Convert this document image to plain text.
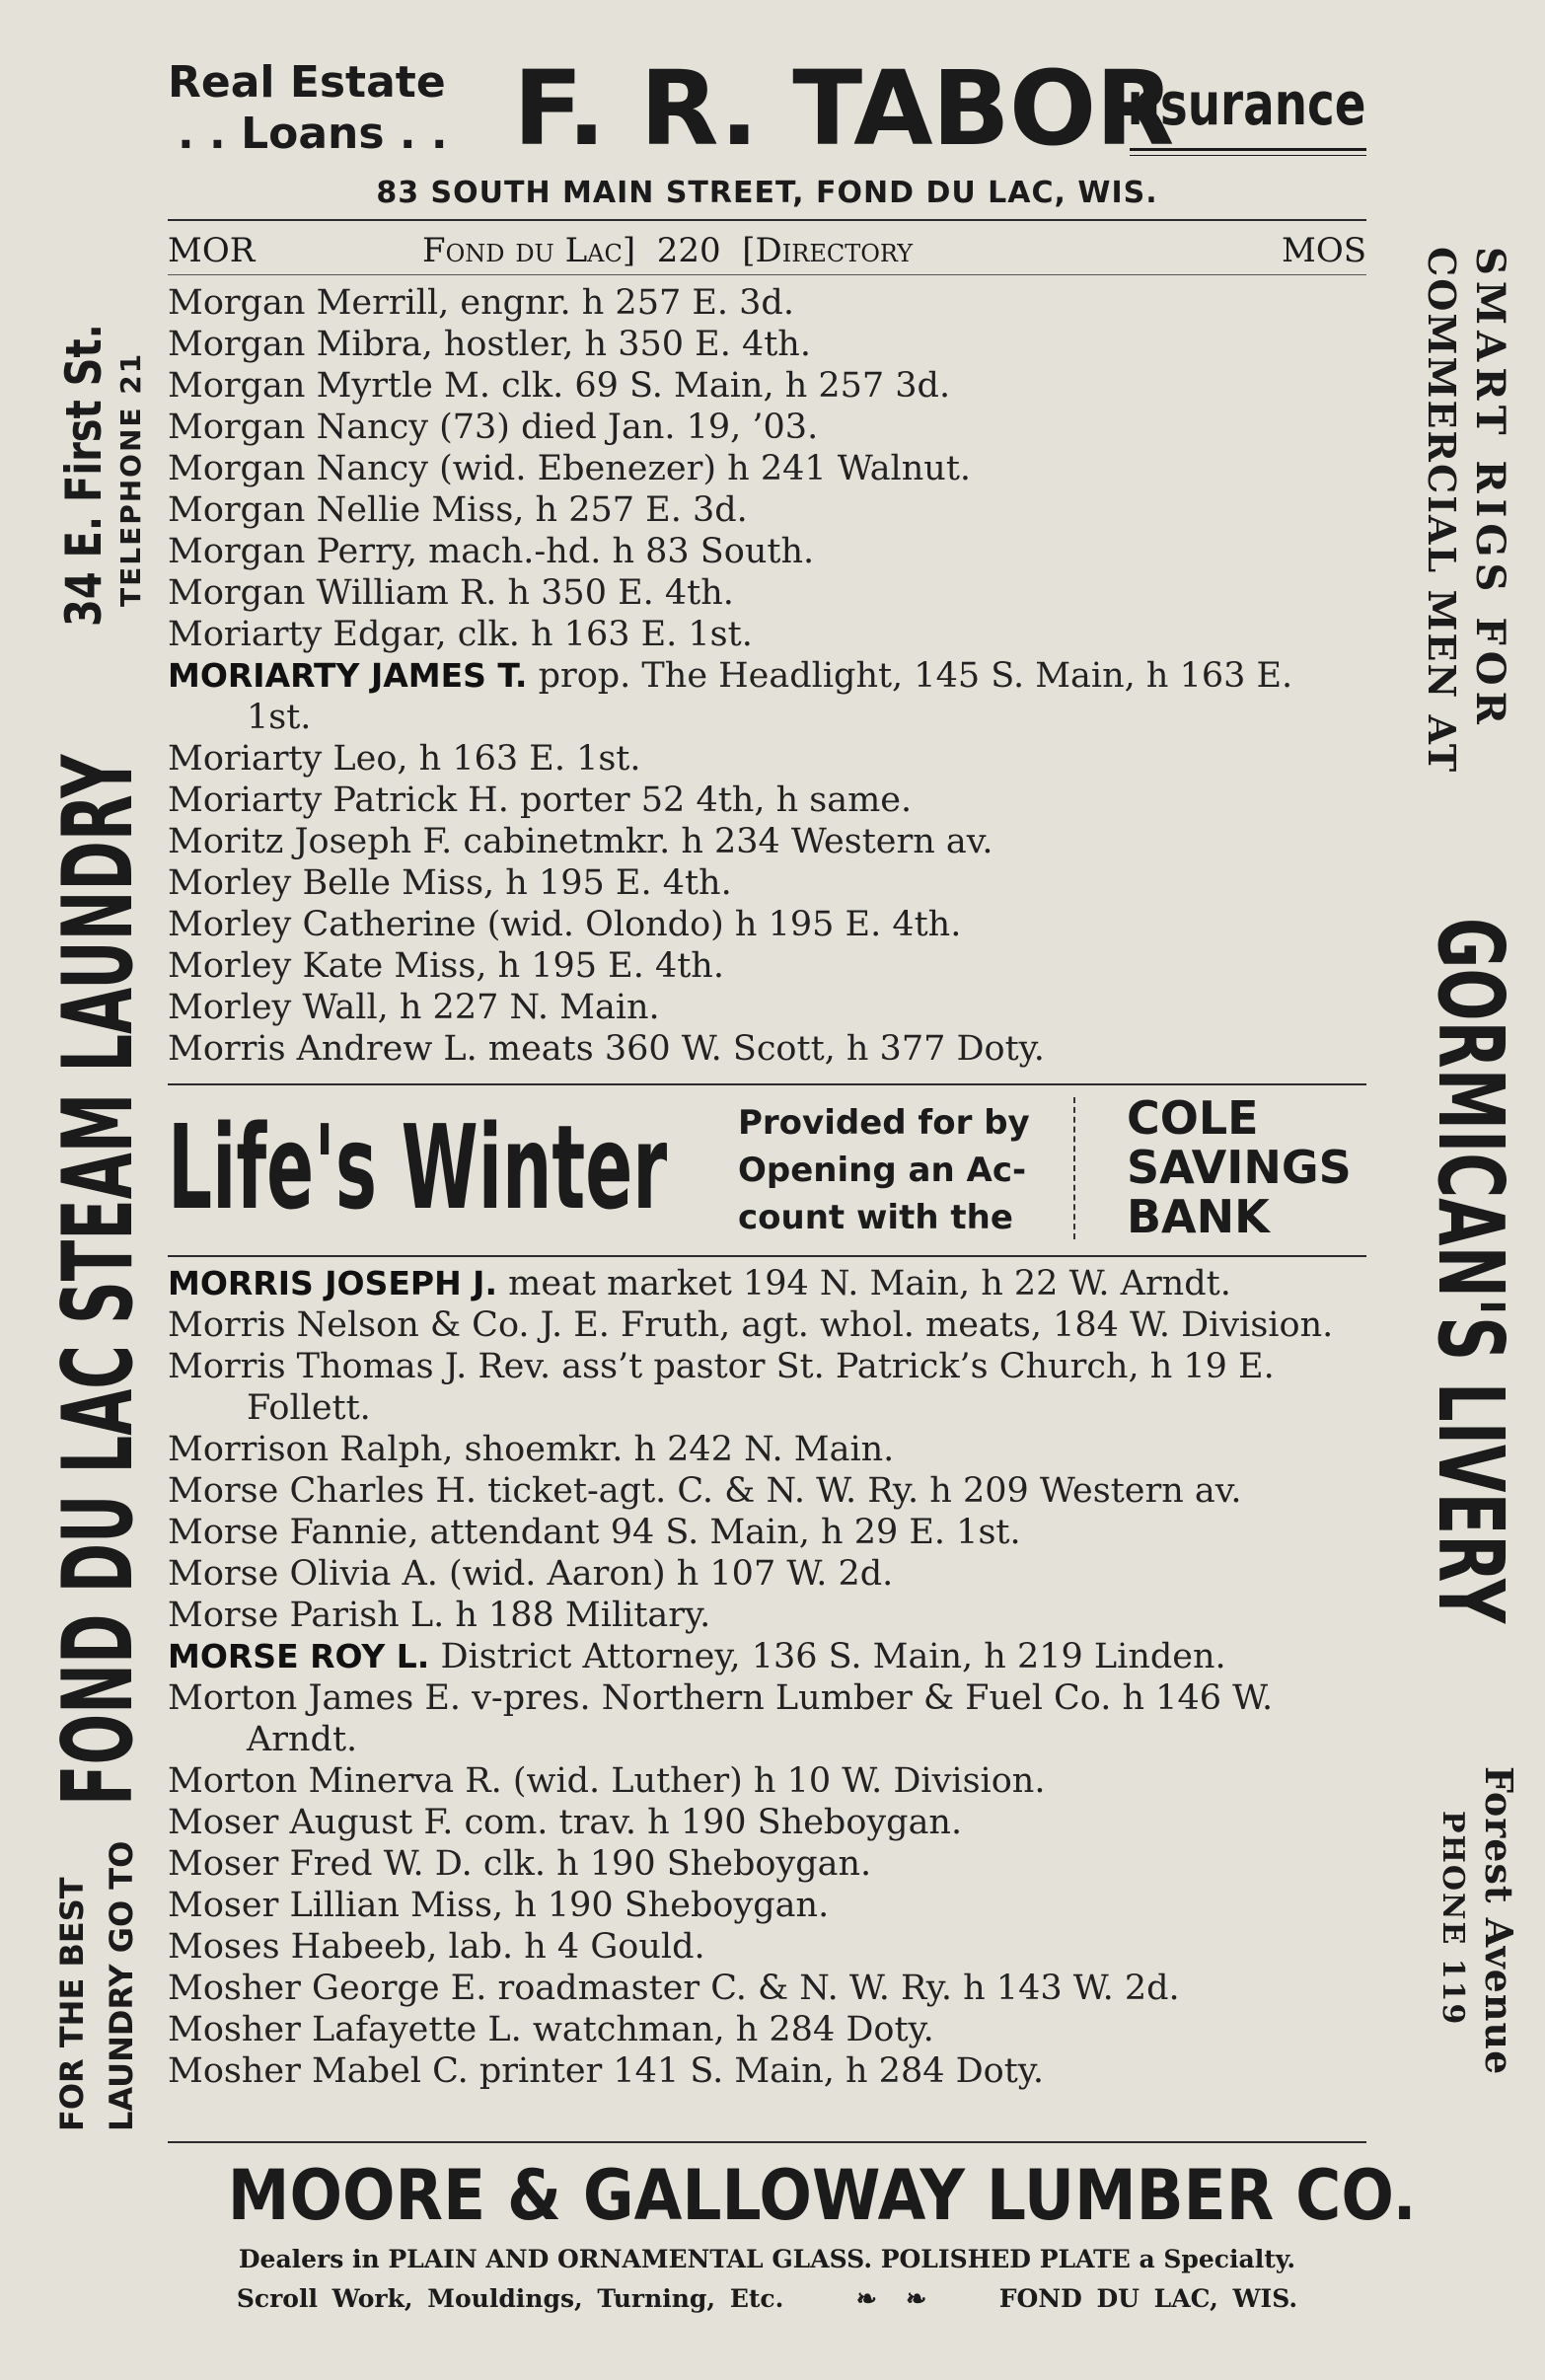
Real Estate
. . Loans . . F. R. TABOR
Insurance
83 SOUTH MAIN STREET, FOND DU LAC, WIS.
MOR	Fond du Lac]  220  [Directory	MOS
FOR THE BEST LAUNDRY GO TO
FOND DU LAC STEAM LAUNDRY
34 E. First St. TELEPHONE 21	SMART RIGS FOR
COMMERCIAL MEN AT
GORMICAN'S LIVERY
Forest Avenue
PHONE 119
Morgan Merrill, engnr. h 257 E. 3d.
Morgan Mibra, hostler, h 350 E. 4th.
Morgan Myrtle M. clk. 69 S. Main, h 257 3d.
Morgan Nancy (73) died Jan. 19, ’03.
Morgan Nancy (wid. Ebenezer) h 241 Walnut.
Morgan Nellie Miss, h 257 E. 3d.
Morgan Perry, mach.-hd. h 83 South.
Morgan William R. h 350 E. 4th.
Moriarty Edgar, clk. h 163 E. 1st.
MORIARTY JAMES T. prop. The Headlight, 145 S. Main, h 163 E. 1st.
Moriarty Leo, h 163 E. 1st.
Moriarty Patrick H. porter 52 4th, h same.
Moritz Joseph F. cabinetmkr. h 234 Western av.
Morley Belle Miss, h 195 E. 4th.
Morley Catherine (wid. Olondo) h 195 E. 4th.
Morley Kate Miss, h 195 E. 4th.
Morley Wall, h 227 N. Main.
Morris Andrew L. meats 360 W. Scott, h 377 Doty.
Life's Winter Provided for by
Opening an Ac-
count with the
COLE
SAVINGS
BANK
MORRIS JOSEPH J. meat market 194 N. Main, h 22 W. Arndt.
Morris Nelson & Co. J. E. Fruth, agt. whol. meats, 184 W. Division.
Morris Thomas J. Rev. ass’t pastor St. Patrick’s Church, h 19 E. Follett.
Morrison Ralph, shoemkr. h 242 N. Main.
Morse Charles H. ticket-agt. C. & N. W. Ry. h 209 Western av.
Morse Fannie, attendant 94 S. Main, h 29 E. 1st.
Morse Olivia A. (wid. Aaron) h 107 W. 2d.
Morse Parish L. h 188 Military.
MORSE ROY L. District Attorney, 136 S. Main, h 219 Linden.
Morton James E. v-pres. Northern Lumber & Fuel Co. h 146 W. Arndt.
Morton Minerva R. (wid. Luther) h 10 W. Division.
Moser August F. com. trav. h 190 Sheboygan.
Moser Fred W. D. clk. h 190 Sheboygan.
Moser Lillian Miss, h 190 Sheboygan.
Moses Habeeb, lab. h 4 Gould.
Mosher George E. roadmaster C. & N. W. Ry. h 143 W. 2d.
Mosher Lafayette L. watchman, h 284 Doty.
Mosher Mabel C. printer 141 S. Main, h 284 Doty.
MOORE & GALLOWAY LUMBER CO.
Dealers in PLAIN AND ORNAMENTAL GLASS. POLISHED PLATE a Specialty.
Scroll Work, Mouldings, Turning, Etc.     ❧  ❧     FOND DU LAC, WIS.
